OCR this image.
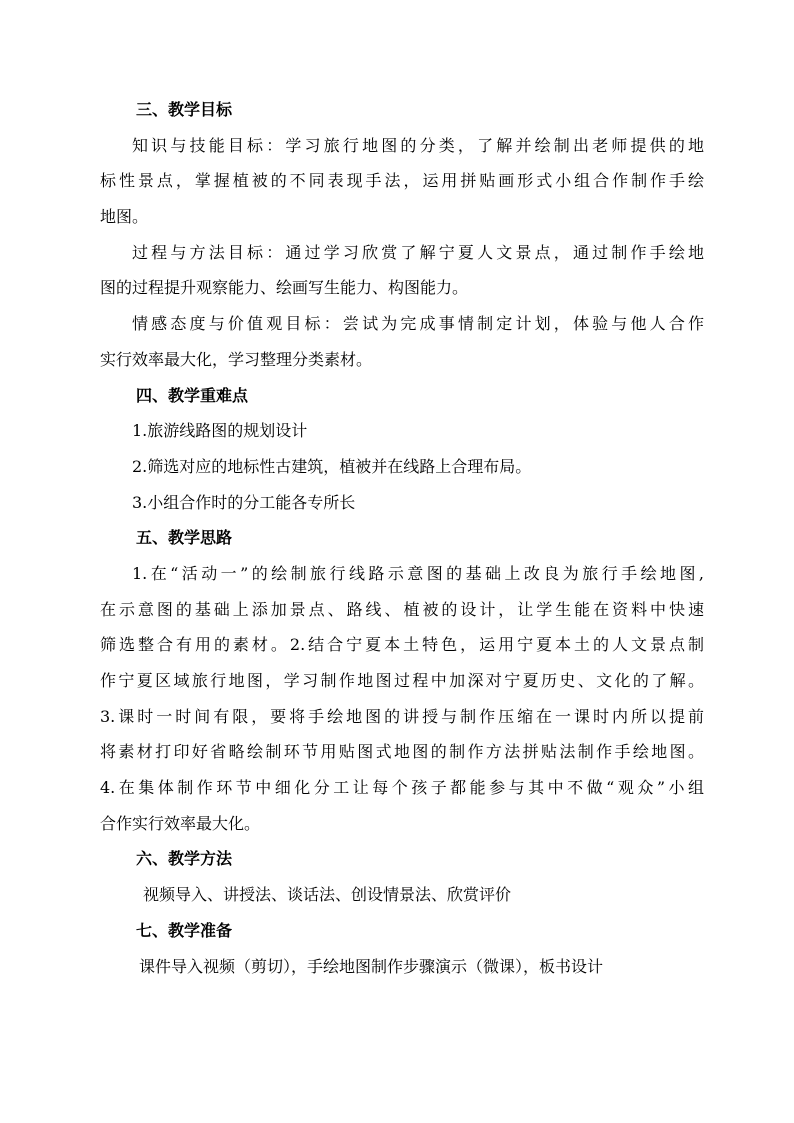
三、教学目标
知识与技能目标：学习旅行地图的分类，了解并绘制出老师提供的地
标性景点，掌握植被的不同表现手法，运用拼贴画形式小组合作制作手绘
地图。
过程与方法目标：通过学习欣赏了解宁夏人文景点，通过制作手绘地
图的过程提升观察能力、绘画写生能力、构图能力。
情感态度与价值观目标：尝试为完成事情制定计划，体验与他人合作
实行效率最大化，学习整理分类素材。
四、教学重难点
1.旅游线路图的规划设计
2.筛选对应的地标性古建筑，植被并在线路上合理布局。
3.小组合作时的分工能各专所长
五、教学思路
1.在“活动一”的绘制旅行线路示意图的基础上改良为旅行手绘地图,
在示意图的基础上添加景点、路线、植被的设计，让学生能在资料中快速
筛选整合有用的素材。2.结合宁夏本土特色，运用宁夏本土的人文景点制
作宁夏区域旅行地图，学习制作地图过程中加深对宁夏历史、文化的了解。
3.课时一时间有限，要将手绘地图的讲授与制作压缩在一课时内所以提前
将素材打印好省略绘制环节用贴图式地图的制作方法拼贴法制作手绘地图。
4.在集体制作环节中细化分工让每个孩子都能参与其中不做“观众”小组
合作实行效率最大化。
六、教学方法
视频导入、讲授法、谈话法、创设情景法、欣赏评价
七、教学准备
课件导入视频（剪切），手绘地图制作步骤演示（微课），板书设计
